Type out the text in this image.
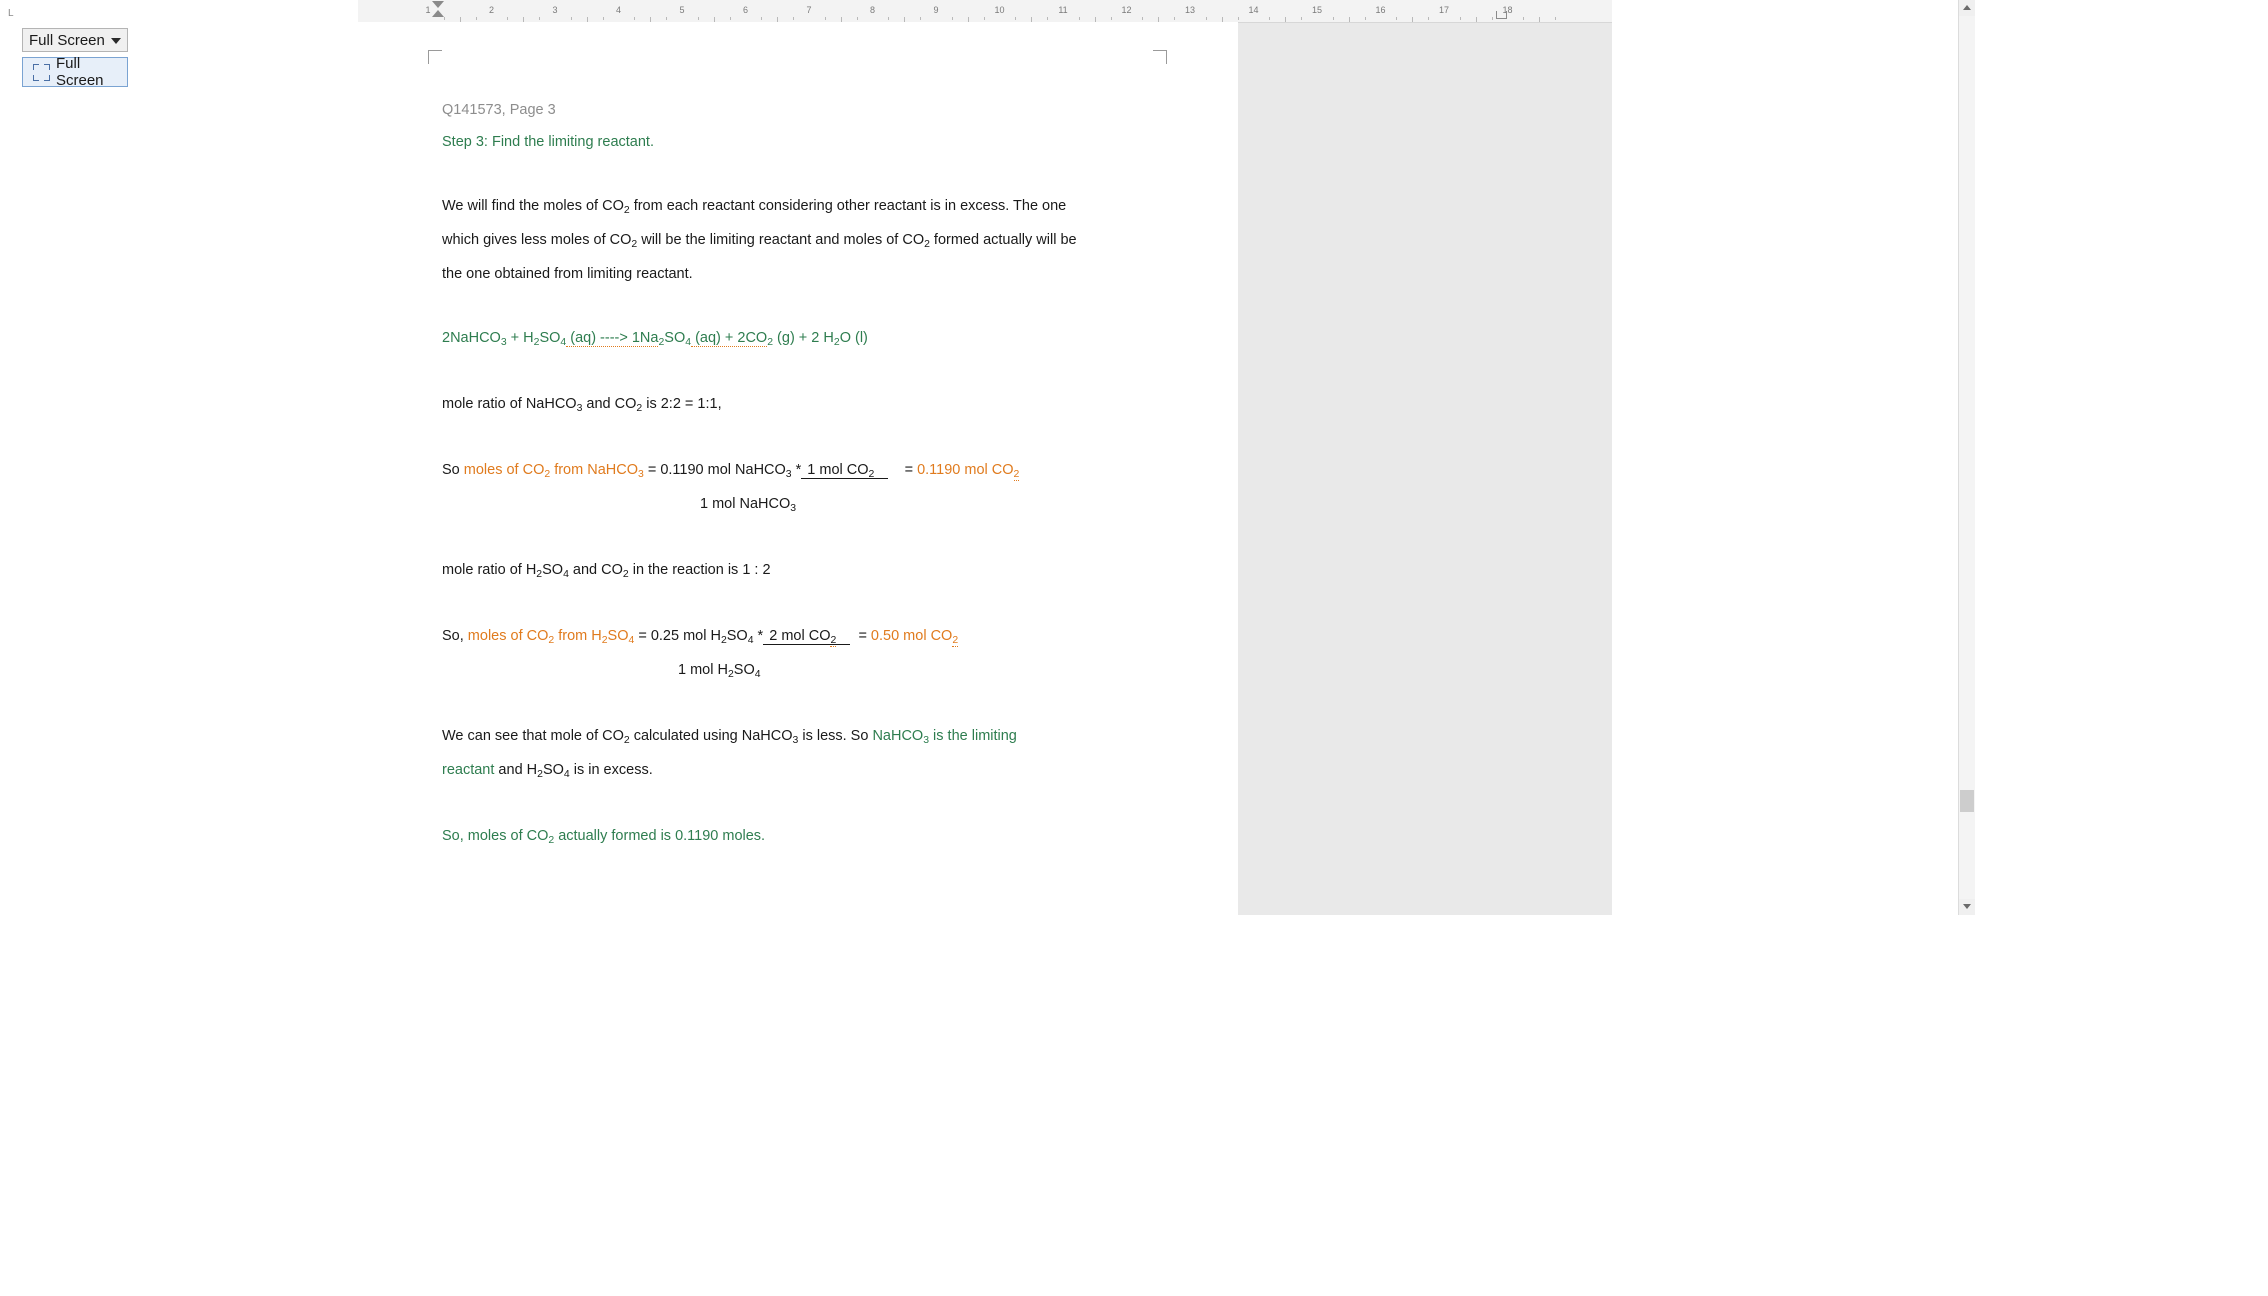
L
Full Screen
Full Screen
1	2	3	4	5	6	7	8	9	10	11	12	13	14	15	16	17	18
Q141573, Page 3
Step 3: Find the limiting reactant.
We will find the moles of $CO_2$ from each reactant considering other reactant is in excess. The one
which gives less moles of $CO_2$ will be the limiting reactant and moles of $CO_2$ formed actually will be
the one obtained from limiting reactant.
2NaHCO$_3$ + $H_2SO_4$ (aq) ----> $1Na_2SO_4$ $(aq) + 2CO_2$ (g) + 2 $H_2O$ (l)
mole ratio of NaHCO$_3$ and $CO_2$ is 2:2 = 1:1,
So moles of $CO_2$ from NaHCO$_3$ = 0.1190 mol NaHCO$_3$ * 1 mol $CO_2 = 0.1190$ mol $CO_2$
1 mol NaHCO$_3$
mole ratio of $H_2SO_4$ and $CO_2$ in the reaction is 1 : 2
So, moles of $CO_2$ from $H_2SO_4 = 0.25$ mol $H_2SO_4 * 2$ mol $CO_2 = 0.50$ mol $CO_2$
1 mol $H_2SO_4$
We can see that mole of $CO_2$ calculated using NaHCO$_3$ is less. So NaHCO$_3$ is the limiting
reactant and $H_2SO_4$ is in excess.
So, moles of $CO_2$ actually formed is 0.1190 moles.
